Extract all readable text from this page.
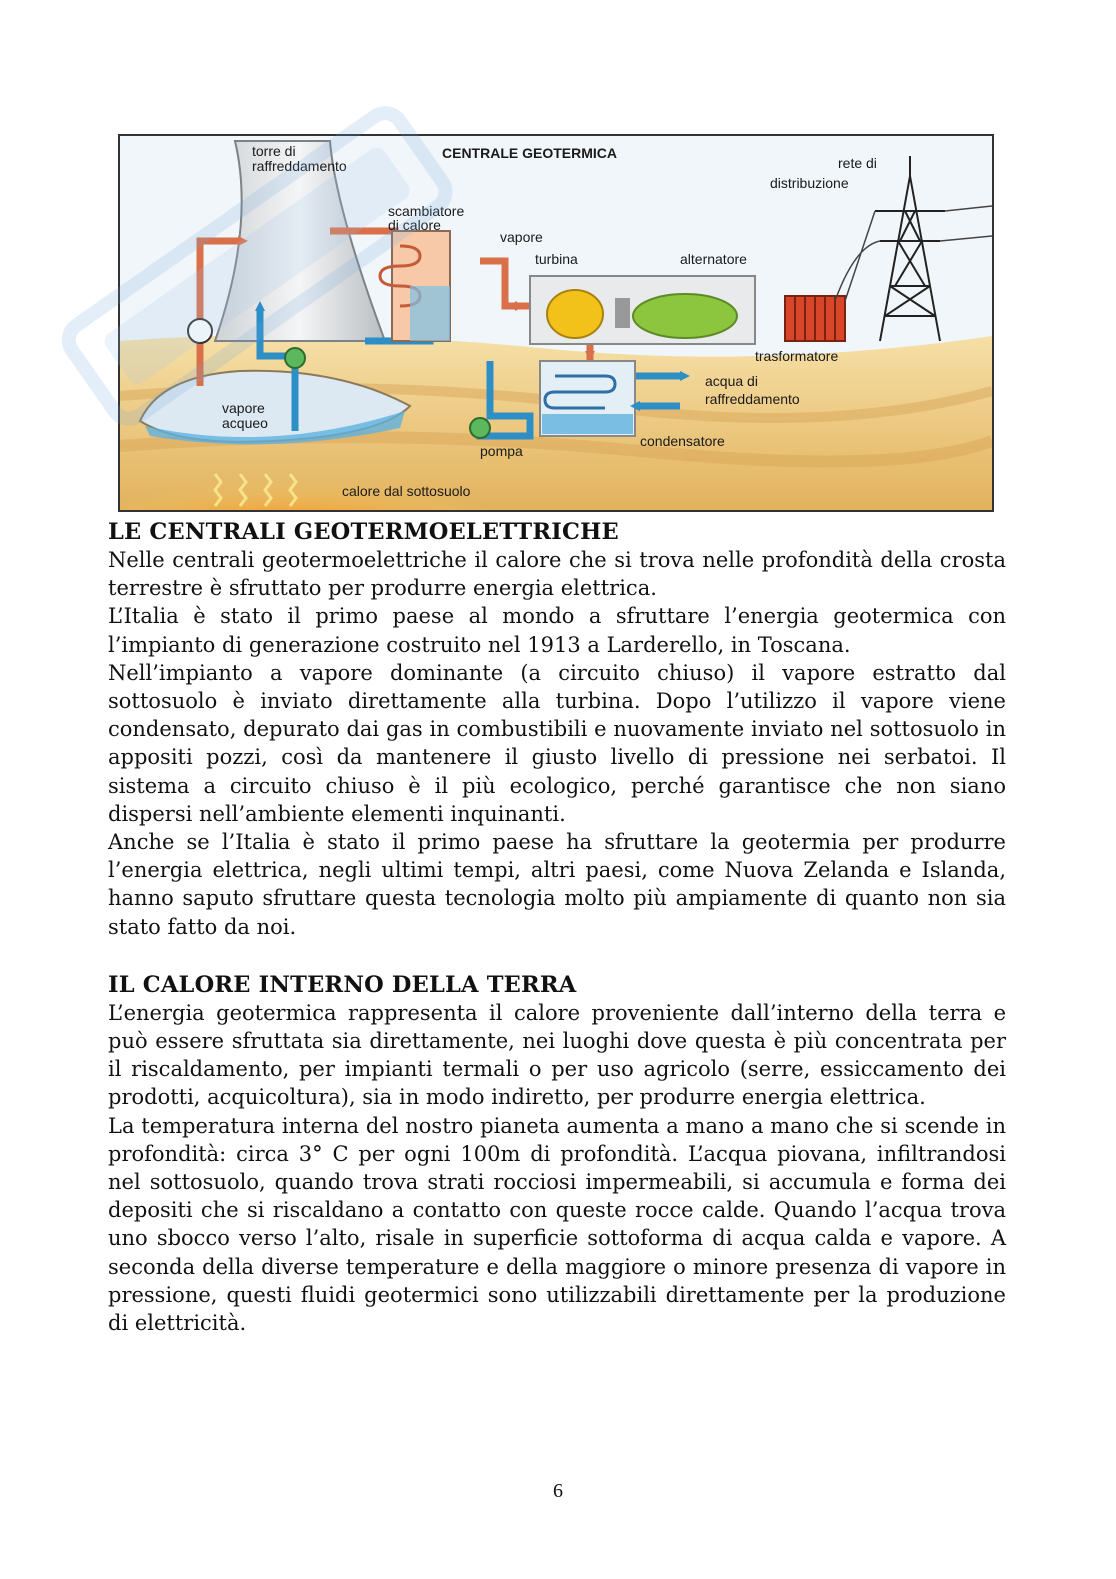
torre di
raffreddamento
CENTRALE GEOTERMICA
rete di
distribuzione
scambiatore
di calore
vapore
turbina	alternatore
trasformatore
acqua di
raffreddamento
condensatore
pompa
vapore
acqueo
calore dal sottosuolo
LE CENTRALI GEOTERMOELETTRICHE

Nelle centrali geotermoelettriche il calore che si trova nelle profondità della crosta terrestre è sfruttato per produrre energia elettrica.

L’Italia è stato il primo paese al mondo a sfruttare l’energia geotermica con l’impianto di generazione costruito nel 1913 a Larderello, in Toscana.

Nell’impianto a vapore dominante (a circuito chiuso) il vapore estratto dal sottosuolo è inviato direttamente alla turbina. Dopo l’utilizzo il vapore viene condensato, depurato dai gas in combustibili e nuovamente inviato nel sottosuolo in appositi pozzi, così da mantenere il giusto livello di pressione nei serbatoi. Il sistema a circuito chiuso è il più ecologico, perché garantisce che non siano dispersi nell’ambiente elementi inquinanti.

Anche se l’Italia è stato il primo paese ha sfruttare la geotermia per produrre l’energia elettrica, negli ultimi tempi, altri paesi, come Nuova Zelanda e Islanda, hanno saputo sfruttare questa tecnologia molto più ampiamente di quanto non sia stato fatto da noi.

IL CALORE INTERNO DELLA TERRA

L’energia geotermica rappresenta il calore proveniente dall’interno della terra e può essere sfruttata sia direttamente, nei luoghi dove questa è più concentrata per il riscaldamento, per impianti termali o per uso agricolo (serre, essiccamento dei prodotti, acquicoltura), sia in modo indiretto, per produrre energia elettrica.

La temperatura interna del nostro pianeta aumenta a mano a mano che si scende in profondità: circa 3° C per ogni 100m di profondità. L’acqua piovana, infiltrandosi nel sottosuolo, quando trova strati rocciosi impermeabili, si accumula e forma dei depositi che si riscaldano a contatto con queste rocce calde. Quando l’acqua trova uno sbocco verso l’alto, risale in superficie sottoforma di acqua calda e vapore. A seconda della diverse temperature e della maggiore o minore presenza di vapore in pressione, questi fluidi geotermici sono utilizzabili direttamente per la produzione di elettricità.

6
